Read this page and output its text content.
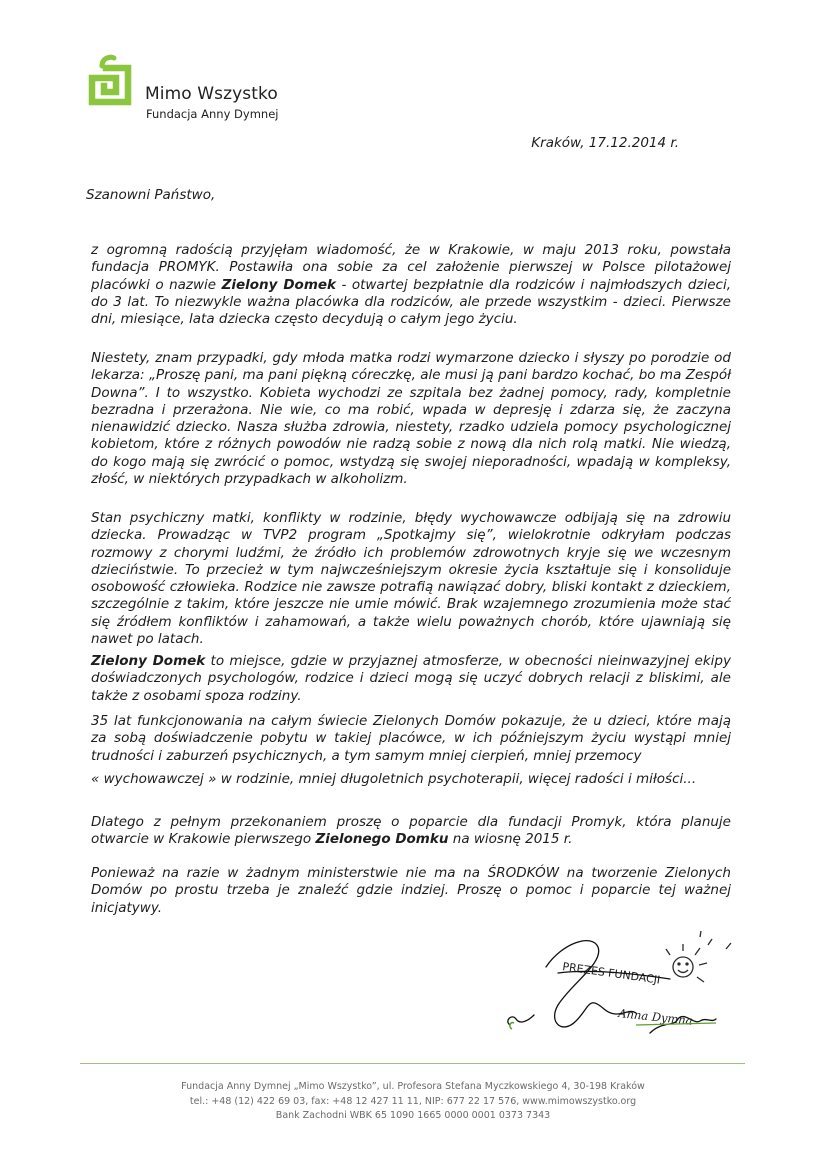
Mimo Wszystko
Fundacja Anny Dymnej
Kraków, 17.12.2014 r.
Szanowni Państwo,

z ogromną radością przyjęłam wiadomość, że w Krakowie, w maju 2013 roku, powstała fundacja PROMYK. Postawiła ona sobie za cel założenie pierwszej w Polsce pilotażowej placówki o nazwie Zielony Domek - otwartej bezpłatnie dla rodziców i najmłodszych dzieci, do 3 lat. To niezwykle ważna placówka dla rodziców, ale przede wszystkim - dzieci. Pierwsze dni, miesiące, lata dziecka często decydują o całym jego życiu.

Niestety, znam przypadki, gdy młoda matka rodzi wymarzone dziecko i słyszy po porodzie od lekarza: „Proszę pani, ma pani piękną córeczkę, ale musi ją pani bardzo kochać, bo ma Zespół Downa”. I to wszystko. Kobieta wychodzi ze szpitala bez żadnej pomocy, rady, kompletnie bezradna i przerażona. Nie wie, co ma robić, wpada w depresję i zdarza się, że zaczyna nienawidzić dziecko. Nasza służba zdrowia, niestety, rzadko udziela pomocy psychologicznej kobietom, które z różnych powodów nie radzą sobie z nową dla nich rolą matki. Nie wiedzą, do kogo mają się zwrócić o pomoc, wstydzą się swojej nieporadności, wpadają w kompleksy, złość, w niektórych przypadkach w alkoholizm.

Stan psychiczny matki, konflikty w rodzinie, błędy wychowawcze odbijają się na zdrowiu dziecka. Prowadząc w TVP2 program „Spotkajmy się”, wielokrotnie odkryłam podczas rozmowy z chorymi ludźmi, że źródło ich problemów zdrowotnych kryje się we wczesnym dzieciństwie. To przecież w tym najwcześniejszym okresie życia kształtuje się i konsoliduje osobowość człowieka. Rodzice nie zawsze potrafią nawiązać dobry, bliski kontakt z dzieckiem, szczególnie z takim, które jeszcze nie umie mówić. Brak wzajemnego zrozumienia może stać się źródłem konfliktów i zahamowań, a także wielu poważnych chorób, które ujawniają się nawet po latach.

Zielony Domek to miejsce, gdzie w przyjaznej atmosferze, w obecności nieinwazyjnej ekipy doświadczonych psychologów, rodzice i dzieci mogą się uczyć dobrych relacji z bliskimi, ale także z osobami spoza rodziny.

35 lat funkcjonowania na całym świecie Zielonych Domów pokazuje, że u dzieci, które mają za sobą doświadczenie pobytu w takiej placówce, w ich późniejszym życiu wystąpi mniej trudności i zaburzeń psychicznych, a tym samym mniej cierpień, mniej przemocy

« wychowawczej » w rodzinie, mniej długoletnich psychoterapii, więcej radości i miłości...

Dlatego z pełnym przekonaniem proszę o poparcie dla fundacji Promyk, która planuje otwarcie w Krakowie pierwszego Zielonego Domku na wiosnę 2015 r.

Ponieważ na razie w żadnym ministerstwie nie ma na ŚRODKÓW na tworzenie Zielonych Domów po prostu trzeba je znaleźć gdzie indziej. Proszę o pomoc i poparcie tej ważnej inicjatywy.

PREZES FUNDACJI
Anna Dymna
Fundacja Anny Dymnej „Mimo Wszystko”, ul. Profesora Stefana Myczkowskiego 4, 30-198 Kraków
tel.: +48 (12) 422 69 03, fax: +48 12 427 11 11, NIP: 677 22 17 576, www.mimowszystko.org
Bank Zachodni WBK 65 1090 1665 0000 0001 0373 7343
